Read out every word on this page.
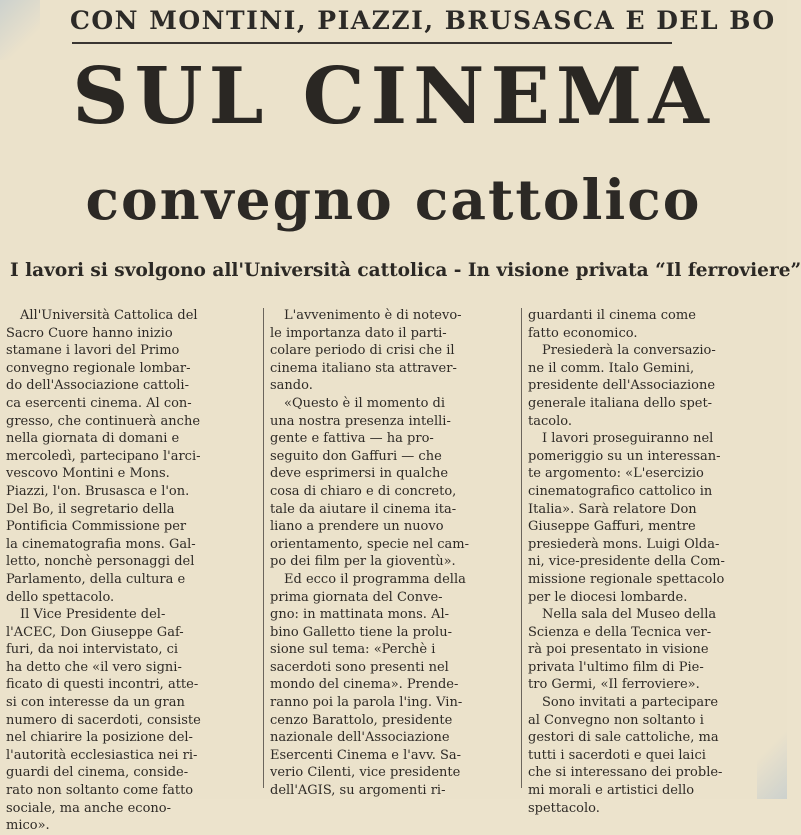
CON MONTINI, PIAZZI, BRUSASCA E DEL BO
SUL CINEMA
convegno cattolico
I lavori si svolgono all'Università cattolica - In visione privata “Il ferroviere”

All'Università Cattolica del
Sacro Cuore hanno inizio
stamane i lavori del Primo
convegno regionale lombar-
do dell'Associazione cattoli-
ca esercenti cinema. Al con-
gresso, che continuerà anche
nella giornata di domani e
mercoledì, partecipano l'arci-
vescovo Montini e Mons.
Piazzi, l'on. Brusasca e l'on.
Del Bo, il segretario della
Pontificia Commissione per
la cinematografia mons. Gal-
letto, nonchè personaggi del
Parlamento, della cultura e
dello spettacolo.

Il Vice Presidente del-
l'ACEC, Don Giuseppe Gaf-
furi, da noi intervistato, ci
ha detto che «il vero signi-
ficato di questi incontri, atte-
si con interesse da un gran
numero di sacerdoti, consiste
nel chiarire la posizione del-
l'autorità ecclesiastica nei ri-
guardi del cinema, conside-
rato non soltanto come fatto
sociale, ma anche econo-
mico».

L'avvenimento è di notevo-
le importanza dato il parti-
colare periodo di crisi che il
cinema italiano sta attraver-
sando.

«Questo è il momento di
una nostra presenza intelli-
gente e fattiva — ha pro-
seguito don Gaffuri — che
deve esprimersi in qualche
cosa di chiaro e di concreto,
tale da aiutare il cinema ita-
liano a prendere un nuovo
orientamento, specie nel cam-
po dei film per la gioventù».

Ed ecco il programma della
prima giornata del Conve-
gno: in mattinata mons. Al-
bino Galletto tiene la prolu-
sione sul tema: «Perchè i
sacerdoti sono presenti nel
mondo del cinema». Prende-
ranno poi la parola l'ing. Vin-
cenzo Barattolo, presidente
nazionale dell'Associazione
Esercenti Cinema e l'avv. Sa-
verio Cilenti, vice presidente
dell'AGIS, su argomenti ri-

guardanti il cinema come
fatto economico.

Presiederà la conversazio-
ne il comm. Italo Gemini,
presidente dell'Associazione
generale italiana dello spet-
tacolo.

I lavori proseguiranno nel
pomeriggio su un interessan-
te argomento: «L'esercizio
cinematografico cattolico in
Italia». Sarà relatore Don
Giuseppe Gaffuri, mentre
presiederà mons. Luigi Olda-
ni, vice-presidente della Com-
missione regionale spettacolo
per le diocesi lombarde.

Nella sala del Museo della
Scienza e della Tecnica ver-
rà poi presentato in visione
privata l'ultimo film di Pie-
tro Germi, «Il ferroviere».

Sono invitati a partecipare
al Convegno non soltanto i
gestori di sale cattoliche, ma
tutti i sacerdoti e quei laici
che si interessano dei proble-
mi morali e artistici dello
spettacolo.
